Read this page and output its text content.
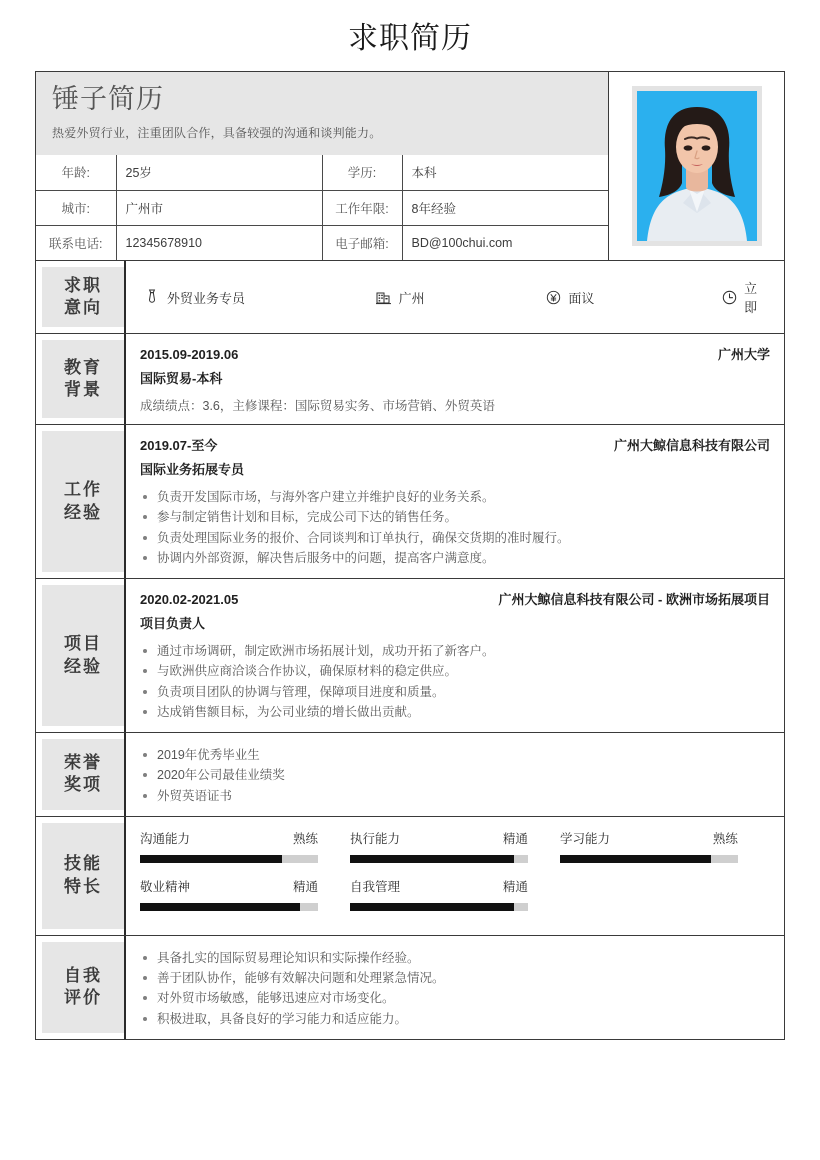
求职简历
锤子简历
热爱外贸行业，注重团队合作，具备较强的沟通和谈判能力。
年龄:	25岁	学历:	本科
城市:	广州市	工作年限:	8年经验
联系电话:	12345678910	电子邮箱:	BD@100chui.com
求职
意向	外贸业务专员	广州	面议
立即
教育
背景
2015.09-2019.06	广州大学
国际贸易-本科
成绩绩点：3.6，主修课程：国际贸易实务、市场营销、外贸英语
工作
经验
2019.07-至今	广州大鲸信息科技有限公司
国际业务拓展专员
负责开发国际市场，与海外客户建立并维护良好的业务关系。
参与制定销售计划和目标，完成公司下达的销售任务。
负责处理国际业务的报价、合同谈判和订单执行，确保交货期的准时履行。
协调内外部资源，解决售后服务中的问题，提高客户满意度。
项目
经验
2020.02-2021.05	广州大鲸信息科技有限公司 - 欧洲市场拓展项目
项目负责人
通过市场调研，制定欧洲市场拓展计划，成功开拓了新客户。
与欧洲供应商洽谈合作协议，确保原材料的稳定供应。
负责项目团队的协调与管理，保障项目进度和质量。
达成销售额目标，为公司业绩的增长做出贡献。
荣誉
奖项
2019年优秀毕业生
2020年公司最佳业绩奖
外贸英语证书
技能
特长
沟通能力	熟练	执行能力	精通	学习能力	熟练
敬业精神	精通	自我管理	精通
自我
评价
具备扎实的国际贸易理论知识和实际操作经验。
善于团队协作，能够有效解决问题和处理紧急情况。
对外贸市场敏感，能够迅速应对市场变化。
积极进取，具备良好的学习能力和适应能力。
